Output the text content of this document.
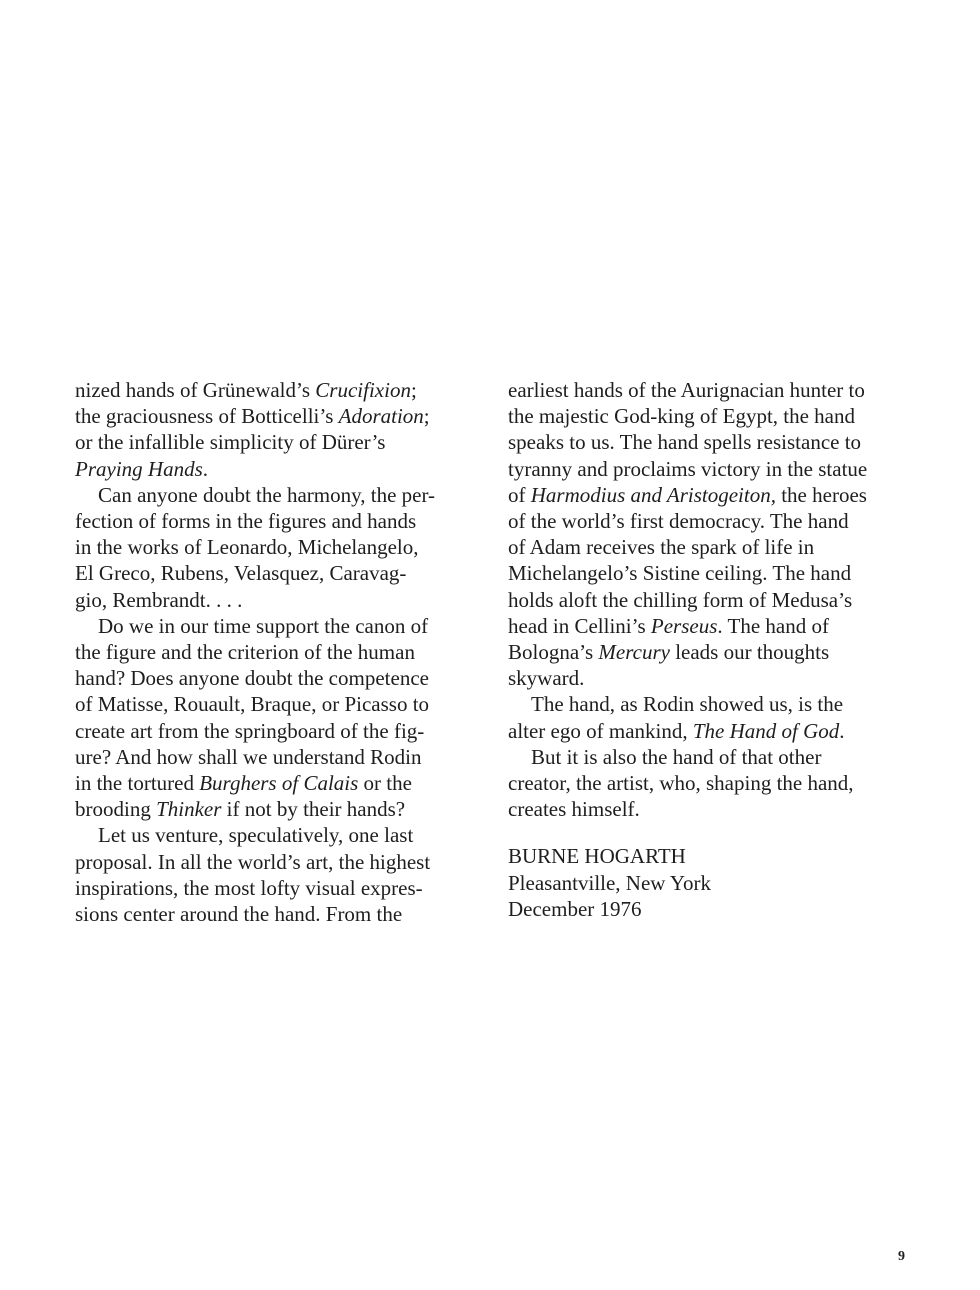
nized hands of Grünewald’s Crucifixion;
the graciousness of Botticelli’s Adoration;
or the infallible simplicity of Dürer’s
Praying Hands.
Can anyone doubt the harmony, the per-
fection of forms in the figures and hands
in the works of Leonardo, Michelangelo,
El Greco, Rubens, Velasquez, Caravag-
gio, Rembrandt. . . .
Do we in our time support the canon of
the figure and the criterion of the human
hand? Does anyone doubt the competence
of Matisse, Rouault, Braque, or Picasso to
create art from the springboard of the fig-
ure? And how shall we understand Rodin
in the tortured Burghers of Calais or the
brooding Thinker if not by their hands?
Let us venture, speculatively, one last
proposal. In all the world’s art, the highest
inspirations, the most lofty visual expres-
sions center around the hand. From the
earliest hands of the Aurignacian hunter to
the majestic God-king of Egypt, the hand
speaks to us. The hand spells resistance to
tyranny and proclaims victory in the statue
of Harmodius and Aristogeiton, the heroes
of the world’s first democracy. The hand
of Adam receives the spark of life in
Michelangelo’s Sistine ceiling. The hand
holds aloft the chilling form of Medusa’s
head in Cellini’s Perseus. The hand of
Bologna’s Mercury leads our thoughts
skyward.
The hand, as Rodin showed us, is the
alter ego of mankind, The Hand of God.
But it is also the hand of that other
creator, the artist, who, shaping the hand,
creates himself.
BURNE HOGARTH
Pleasantville, New York
December 1976
9
